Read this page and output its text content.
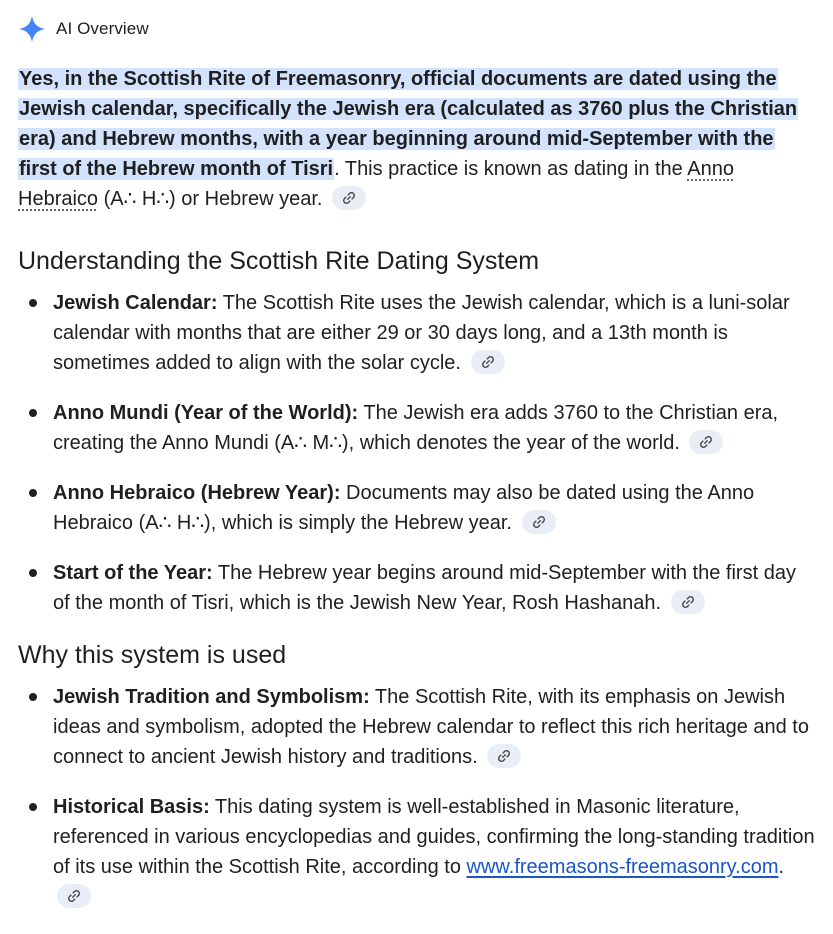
AI Overview
Yes, in the Scottish Rite of Freemasonry, official documents are dated using the Jewish calendar, specifically the Jewish era (calculated as 3760 plus the Christian era) and Hebrew months, with a year beginning around mid-September with the first of the Hebrew month of Tisri. This practice is known as dating in the Anno Hebraico (A∴ H∴) or Hebrew year.
Understanding the Scottish Rite Dating System
Jewish Calendar: The Scottish Rite uses the Jewish calendar, which is a luni-solar calendar with months that are either 29 or 30 days long, and a 13th month is sometimes added to align with the solar cycle.
Anno Mundi (Year of the World): The Jewish era adds 3760 to the Christian era, creating the Anno Mundi (A∴ M∴), which denotes the year of the world.
Anno Hebraico (Hebrew Year): Documents may also be dated using the Anno Hebraico (A∴ H∴), which is simply the Hebrew year.
Start of the Year: The Hebrew year begins around mid-September with the first day of the month of Tisri, which is the Jewish New Year, Rosh Hashanah.
Why this system is used
Jewish Tradition and Symbolism: The Scottish Rite, with its emphasis on Jewish ideas and symbolism, adopted the Hebrew calendar to reflect this rich heritage and to connect to ancient Jewish history and traditions.
Historical Basis: This dating system is well-established in Masonic literature, referenced in various encyclopedias and guides, confirming the long-standing tradition of its use within the Scottish Rite, according to www.freemasons-freemasonry.com.
